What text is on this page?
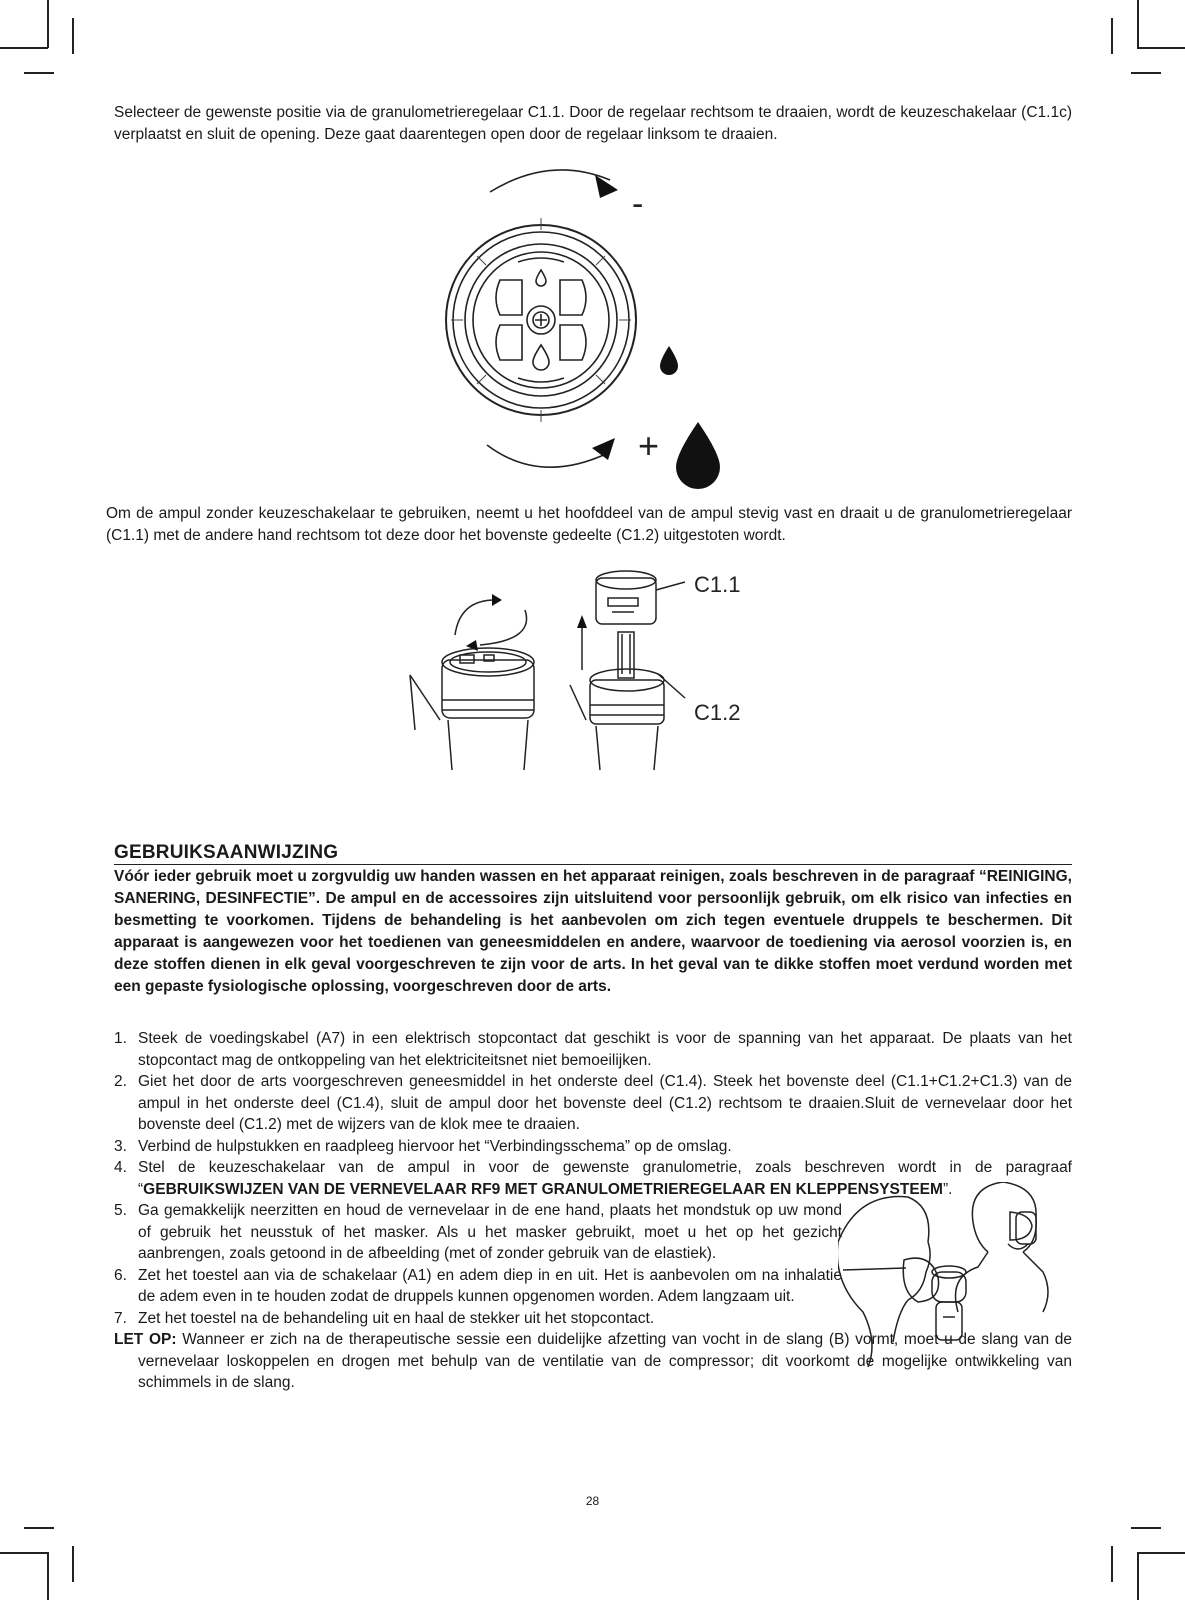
Selecteer de gewenste positie via de granulometrieregelaar C1.1. Door de regelaar rechtsom te draaien, wordt de keuzeschakelaar (C1.1c) verplaatst en sluit de opening. Deze gaat daarentegen open door de regelaar linksom te draaien.
-
+
Om de ampul zonder keuzeschakelaar te gebruiken, neemt u het hoofddeel van de ampul stevig vast en draait u de granulometrieregelaar (C1.1) met de andere hand rechtsom tot deze door het bovenste gedeelte (C1.2) uitgestoten wordt.
C1.1
C1.2
GEBRUIKSAANWIJZING
Vóór ieder gebruik moet u zorgvuldig uw handen wassen en het apparaat reinigen, zoals beschreven in de paragraaf “REINIGING, SANERING, DESINFECTIE”. De ampul en de accessoires zijn uitsluitend voor persoonlijk gebruik, om elk risico van infecties en besmetting te voorkomen. Tijdens de behandeling is het aanbevolen om zich tegen eventuele druppels te beschermen. Dit apparaat is aangewezen voor het toedienen van geneesmiddelen en andere, waarvoor de toediening via aerosol voorzien is, en deze stoffen dienen in elk geval voorgeschreven te zijn voor de arts. In het geval van te dikke stoffen moet verdund worden met een gepaste fysiologische oplossing, voorgeschreven door de arts.
1. Steek de voedingskabel (A7) in een elektrisch stopcontact dat geschikt is voor de spanning van het apparaat. De plaats van het stopcontact mag de ontkoppeling van het elektriciteitsnet niet bemoeilijken.
2. Giet het door de arts voorgeschreven geneesmiddel in het onderste deel (C1.4). Steek het bovenste deel (C1.1+C1.2+C1.3) van de ampul in het onderste deel (C1.4), sluit de ampul door het bovenste deel (C1.2) rechtsom te draaien.Sluit de vernevelaar door het bovenste deel (C1.2) met de wijzers van de klok mee te draaien.
3. Verbind de hulpstukken en raadpleeg hiervoor het “Verbindingsschema” op de omslag.
4. Stel de keuzeschakelaar van de ampul in voor de gewenste granulometrie, zoals beschreven wordt in de paragraaf “GEBRUIKSWIJZEN VAN DE VERNEVELAAR RF9 MET GRANULOMETRIEREGELAAR EN KLEPPENSYSTEEM”.
5. Ga gemakkelijk neerzitten en houd de vernevelaar in de ene hand, plaats het mondstuk op uw mond of gebruik het neusstuk of het masker. Als u het masker gebruikt, moet u het op het gezicht aanbrengen, zoals getoond in de afbeelding (met of zonder gebruik van de elastiek).
6. Zet het toestel aan via de schakelaar (A1) en adem diep in en uit. Het is aanbevolen om na inhalatie de adem even in te houden zodat de druppels kunnen opgenomen worden. Adem langzaam uit.
7. Zet het toestel na de behandeling uit en haal de stekker uit het stopcontact.
LET OP: Wanneer er zich na de therapeutische sessie een duidelijke afzetting van vocht in de slang (B) vormt, moet u de slang van de vernevelaar loskoppelen en drogen met behulp van de ventilatie van de compressor; dit voorkomt de mogelijke ontwikkeling van schimmels in de slang.
28
